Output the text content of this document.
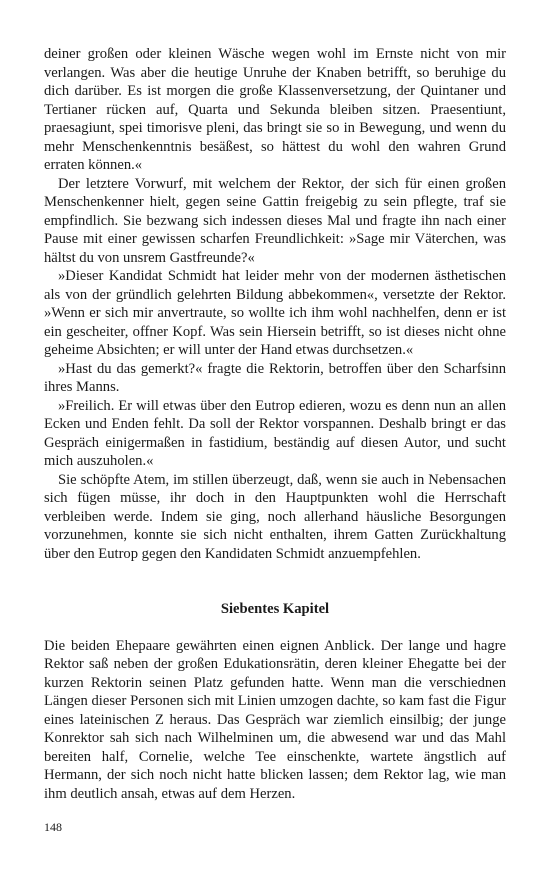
deiner großen oder kleinen Wäsche wegen wohl im Ernste nicht von mir verlangen. Was aber die heutige Unruhe der Knaben betrifft, so beruhige du dich darüber. Es ist morgen die große Klassenversetzung, der Quintaner und Tertianer rücken auf, Quarta und Sekunda bleiben sitzen. Praesentiunt, praesagiunt, spei timorisve pleni, das bringt sie so in Bewegung, und wenn du mehr Menschenkenntnis besäßest, so hättest du wohl den wahren Grund erraten können.«

Der letztere Vorwurf, mit welchem der Rektor, der sich für einen großen Menschenkenner hielt, gegen seine Gattin freigebig zu sein pflegte, traf sie empfindlich. Sie bezwang sich indessen dieses Mal und fragte ihn nach einer Pause mit einer gewissen scharfen Freundlichkeit: »Sage mir Väterchen, was hältst du von unsrem Gastfreunde?«

»Dieser Kandidat Schmidt hat leider mehr von der modernen ästhetischen als von der gründlich gelehrten Bildung abbekommen«, versetzte der Rektor. »Wenn er sich mir anvertraute, so wollte ich ihm wohl nachhelfen, denn er ist ein gescheiter, offner Kopf. Was sein Hiersein betrifft, so ist dieses nicht ohne geheime Absichten; er will unter der Hand etwas durchsetzen.«

»Hast du das gemerkt?« fragte die Rektorin, betroffen über den Scharfsinn ihres Manns.

»Freilich. Er will etwas über den Eutrop edieren, wozu es denn nun an allen Ecken und Enden fehlt. Da soll der Rektor vorspannen. Deshalb bringt er das Gespräch einigermaßen in fastidium, beständig auf diesen Autor, und sucht mich auszuholen.«

Sie schöpfte Atem, im stillen überzeugt, daß, wenn sie auch in Nebensachen sich fügen müsse, ihr doch in den Hauptpunkten wohl die Herrschaft verbleiben werde. Indem sie ging, noch allerhand häusliche Besorgungen vorzunehmen, konnte sie sich nicht enthalten, ihrem Gatten Zurückhaltung über den Eutrop gegen den Kandidaten Schmidt anzuempfehlen.

Siebentes Kapitel

Die beiden Ehepaare gewährten einen eignen Anblick. Der lange und hagre Rektor saß neben der großen Edukationsrätin, deren kleiner Ehegatte bei der kurzen Rektorin seinen Platz gefunden hatte. Wenn man die verschiednen Längen dieser Personen sich mit Linien umzogen dachte, so kam fast die Figur eines lateinischen Z heraus. Das Gespräch war ziemlich einsilbig; der junge Konrektor sah sich nach Wilhelminen um, die abwesend war und das Mahl bereiten half, Cornelie, welche Tee einschenkte, wartete ängstlich auf Hermann, der sich noch nicht hatte blicken lassen; dem Rektor lag, wie man ihm deutlich ansah, etwas auf dem Herzen.

148
